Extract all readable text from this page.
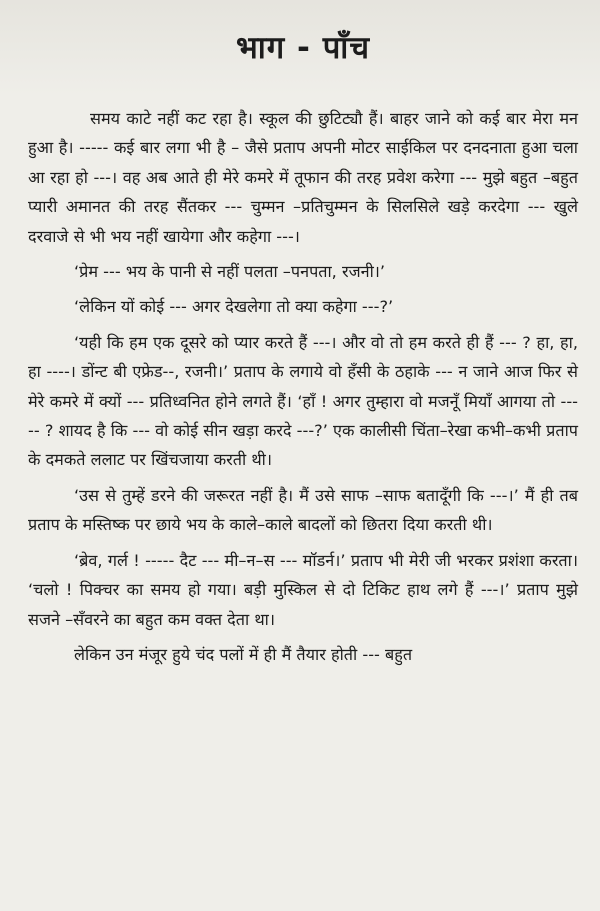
भाग - पाँच

समय काटे नहीं कट रहा है। स्कूल की छुटिट्यौ हैं। बाहर जाने को कई बार मेरा मन हुआ है। ----- कई बार लगा भी है – जैसे प्रताप अपनी मोटर साईकिल पर दनदनाता हुआ चला आ रहा हो ---। वह अब आते ही मेरे कमरे में तूफान की तरह प्रवेश करेगा --- मुझे बहुत –बहुत प्यारी अमानत की तरह सैंतकर --- चुम्मन –प्रतिचुम्मन के सिलसिले खड़े करदेगा --- खुले दरवाजे से भी भय नहीं खायेगा और कहेगा ---।

‘प्रेम --- भय के पानी से नहीं पलता –पनपता, रजनी।’

‘लेकिन यों कोई --- अगर देखलेगा तो क्या कहेगा ---?’

‘यही कि हम एक दूसरे को प्यार करते हैं ---। और वो तो हम करते ही हैं --- ? हा, हा, हा ----। डोंन्ट बी एफ्रेड--, रजनी।’ प्रताप के लगाये वो हँसी के ठहाके --- न जाने आज फिर से मेरे कमरे में क्यों --- प्रतिध्वनित होने लगते हैं। ‘हाँ ! अगर तुम्हारा वो मजनूँ मियाँ आगया तो ----- ? शायद है कि --- वो कोई सीन खड़ा करदे ---?’ एक कालीसी चिंता–रेखा कभी–कभी प्रताप के दमकते ललाट पर खिंचजाया करती थी।

‘उस से तुम्हें डरने की जरूरत नहीं है। मैं उसे साफ –साफ बतादूँगी कि ---।’ मैं ही तब प्रताप के मस्तिष्क पर छाये भय के काले–काले बादलों को छितरा दिया करती थी।

‘ब्रेव, गर्ल ! ----- दैट --- मी–न–स --- मॉडर्न।’ प्रताप भी मेरी जी भरकर प्रशंशा करता। ‘चलो ! पिक्चर का समय हो गया। बड़ी मुस्किल से दो टिकिट हाथ लगे हैं ---।’ प्रताप मुझे सजने –सँवरने का बहुत कम वक्त देता था।

लेकिन उन मंजूर हुये चंद पलों में ही मैं तैयार होती --- बहुत
